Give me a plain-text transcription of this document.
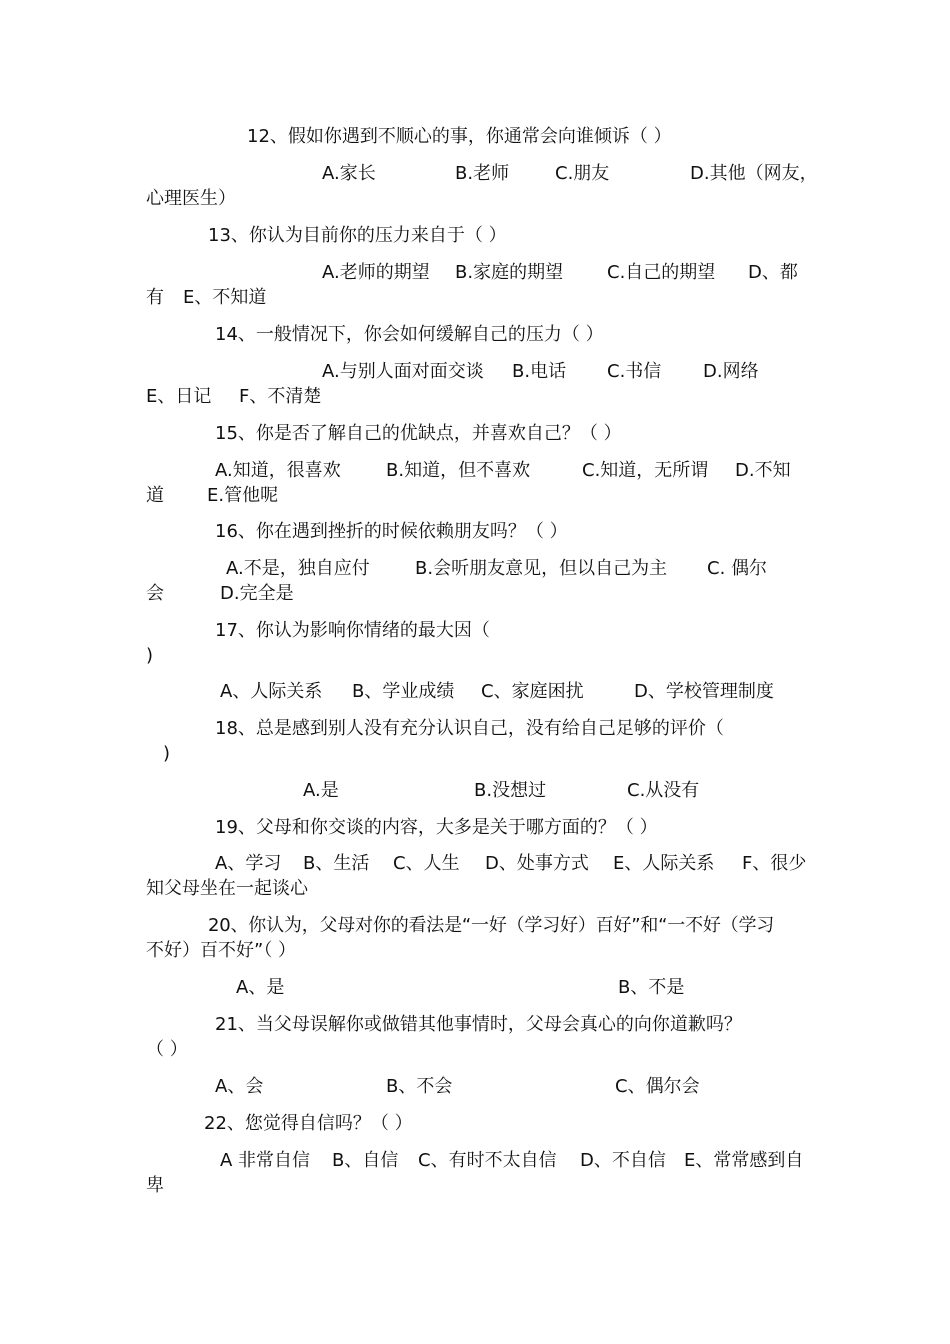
12、假如你遇到不顺心的事，你通常会向谁倾诉（ ）
A.家长	B.老师	C.朋友	D.其他（网友，
心理医生）
13、你认为目前你的压力来自于（ ）
A.老师的期望 B.家庭的期望 C.自己的期望 D、都
有 E、不知道
14、一般情况下，你会如何缓解自己的压力（ ）
A.与别人面对面交谈 B.电话 C.书信 D.网络
E、日记 F、不清楚
15、你是否了解自己的优缺点，并喜欢自己？（ ）
A.知道，很喜欢	B.知道，但不喜欢	C.知道，无所谓 D.不知
道 E.管他呢
16、你在遇到挫折的时候依赖朋友吗？（ ）
A.不是，独自应付	B.会听朋友意见，但以自己为主 C. 偶尔
会	D.完全是
17、你认为影响你情绪的最大因（
)
A、人际关系 B、学业成绩 C、家庭困扰	D、学校管理制度
18、总是感到别人没有充分认识自己，没有给自己足够的评价（
)
A.是	B.没想过	C.从没有
19、父母和你交谈的内容，大多是关于哪方面的？（ ）
A、学习 B、生活 C、人生 D、处事方式 E、人际关系 F、很少
知父母坐在一起谈心
20、你认为，父母对你的看法是“一好（学习好）百好”和“一不好（学习
不好）百不好”（ ）
A、是	B、不是
21、当父母误解你或做错其他事情时，父母会真心的向你道歉吗？
（ ）
A、会	B、不会	C、偶尔会
22、您觉得自信吗？（ ）
A 非常自信 B、自信 C、有时不太自信 D、不自信 E、常常感到自
卑
